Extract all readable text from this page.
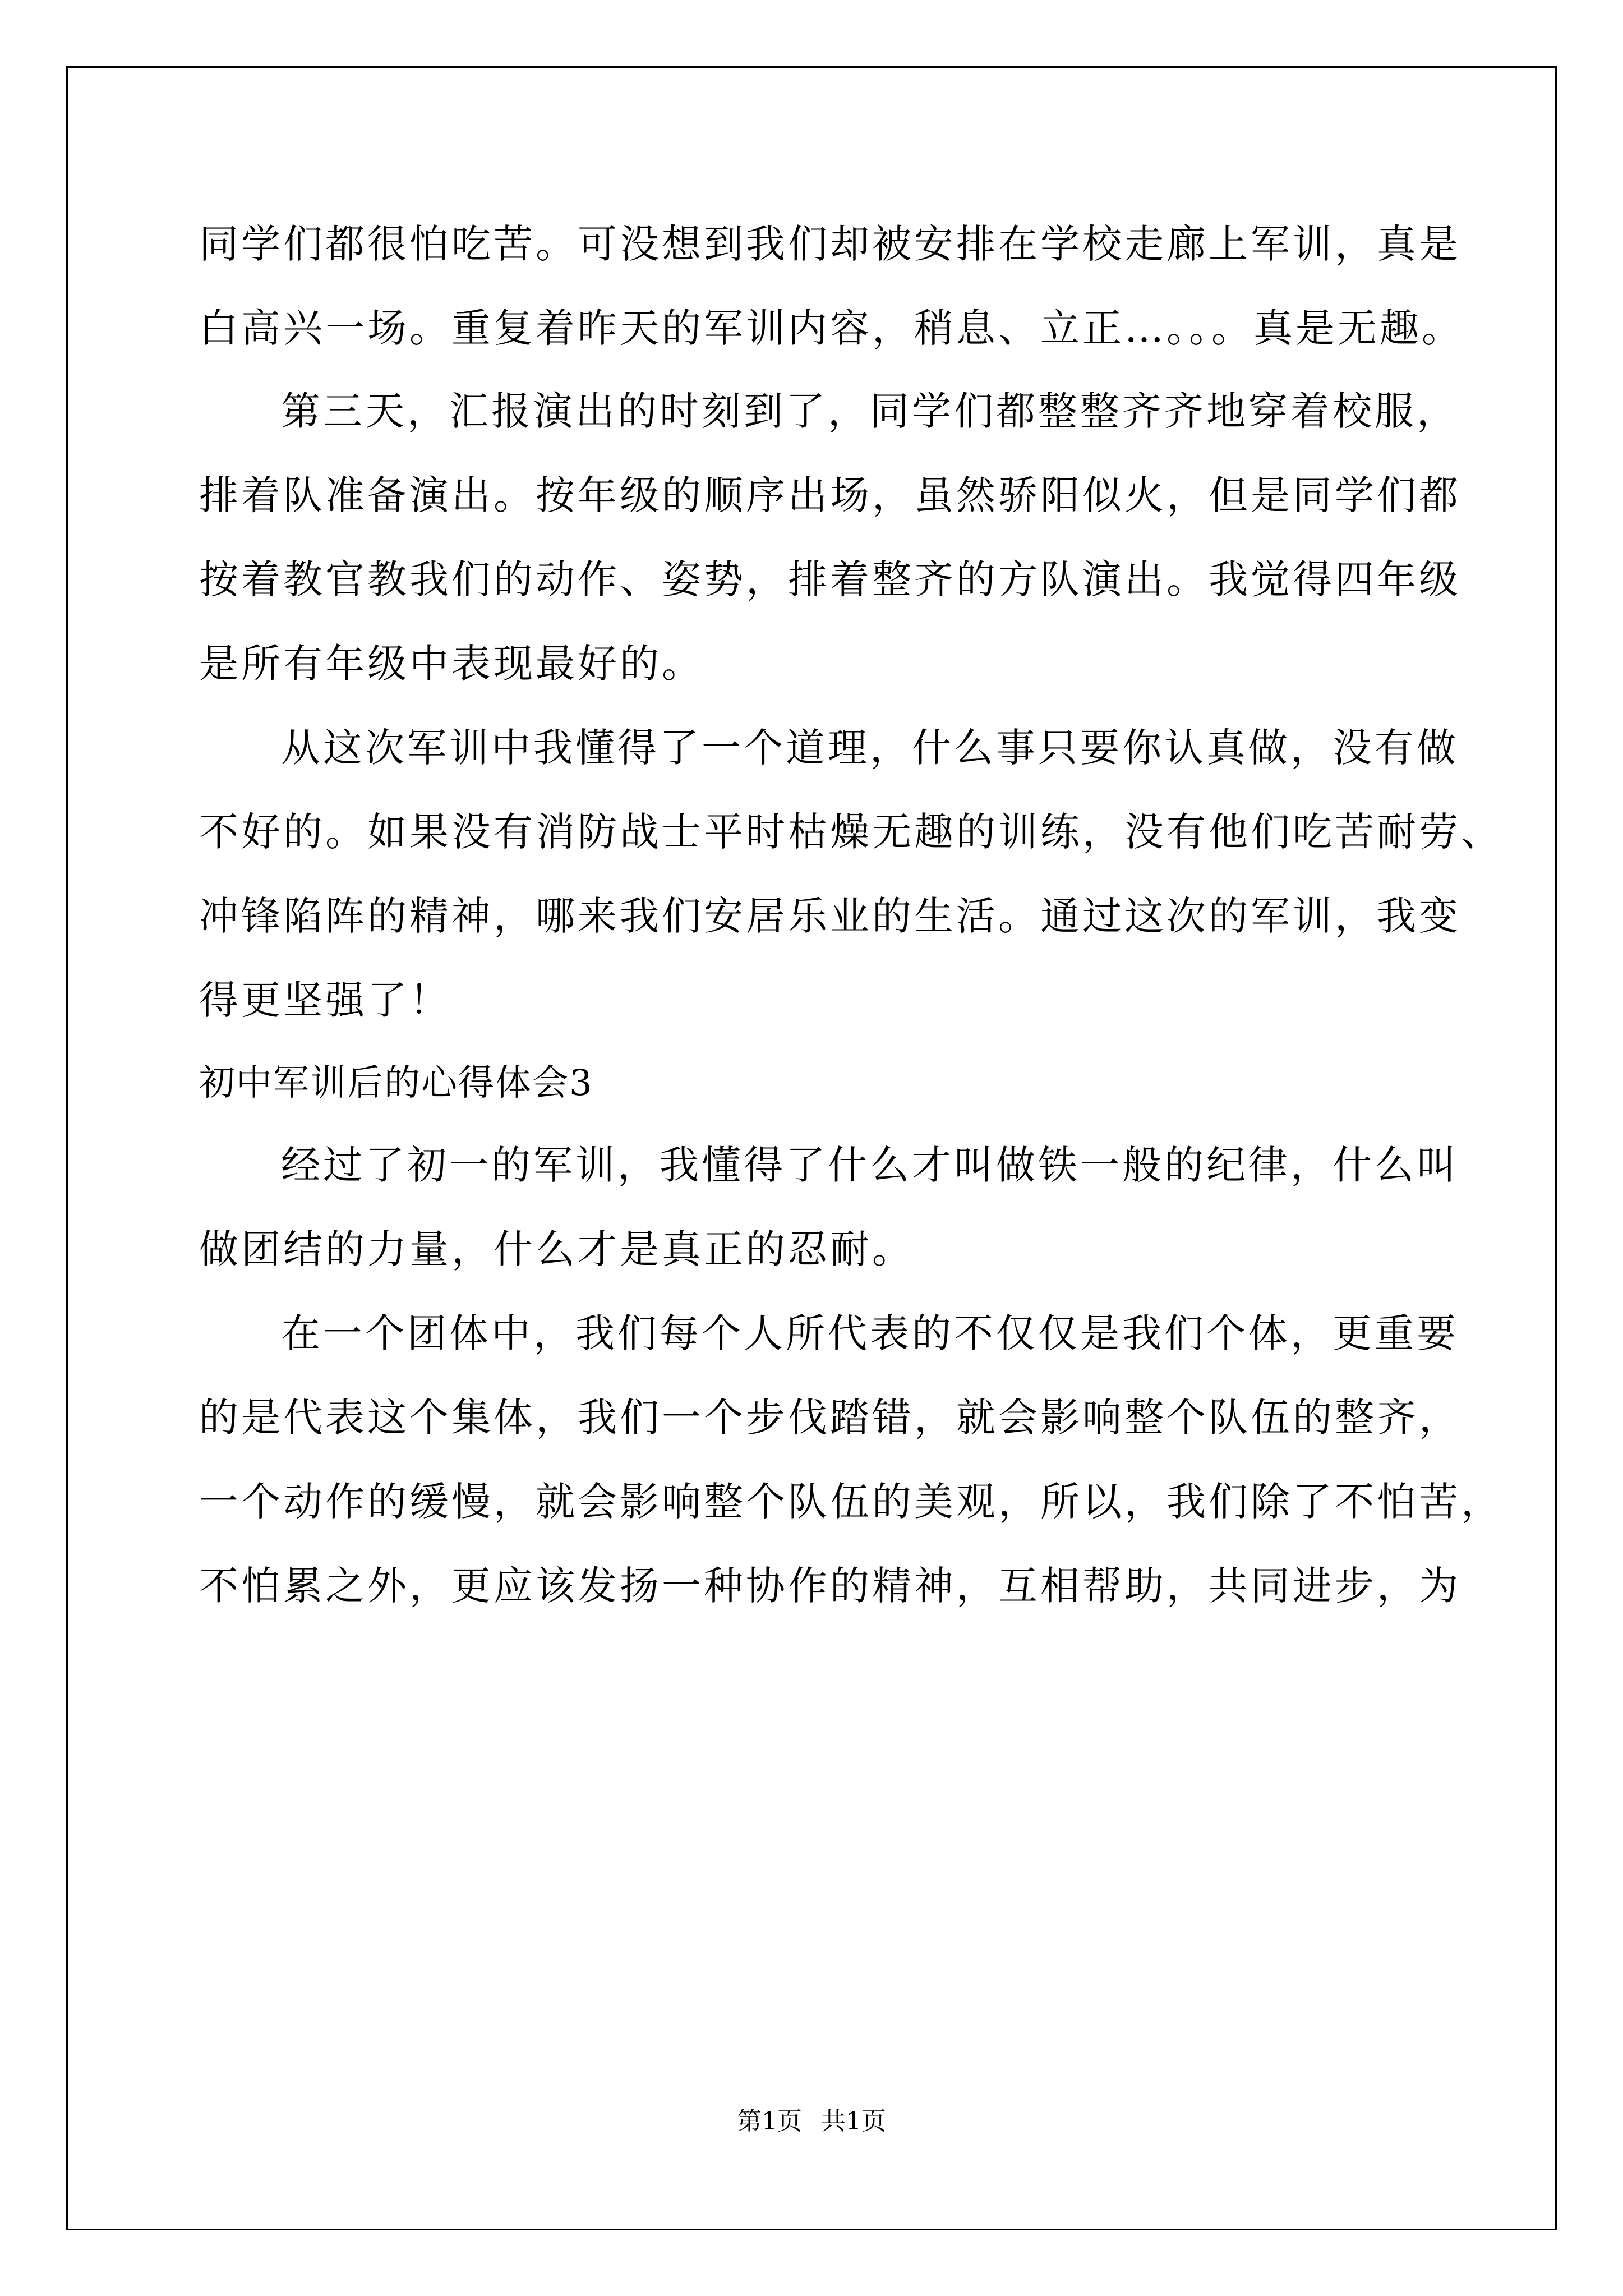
同学们都很怕吃苦。可没想到我们却被安排在学校走廊上军训，真是
白高兴一场。重复着昨天的军训内容，稍息、立正…。。。真是无趣。
第三天，汇报演出的时刻到了，同学们都整整齐齐地穿着校服，
排着队准备演出。按年级的顺序出场，虽然骄阳似火，但是同学们都
按着教官教我们的动作、姿势，排着整齐的方队演出。我觉得四年级
是所有年级中表现最好的。
从这次军训中我懂得了一个道理，什么事只要你认真做，没有做
不好的。如果没有消防战士平时枯燥无趣的训练，没有他们吃苦耐劳、
冲锋陷阵的精神，哪来我们安居乐业的生活。通过这次的军训，我变
得更坚强了！
初中军训后的心得体会3
经过了初一的军训，我懂得了什么才叫做铁一般的纪律，什么叫
做团结的力量，什么才是真正的忍耐。
在一个团体中，我们每个人所代表的不仅仅是我们个体，更重要
的是代表这个集体，我们一个步伐踏错，就会影响整个队伍的整齐，
一个动作的缓慢，就会影响整个队伍的美观，所以，我们除了不怕苦，
不怕累之外，更应该发扬一种协作的精神，互相帮助，共同进步，为
第1页 共1页
